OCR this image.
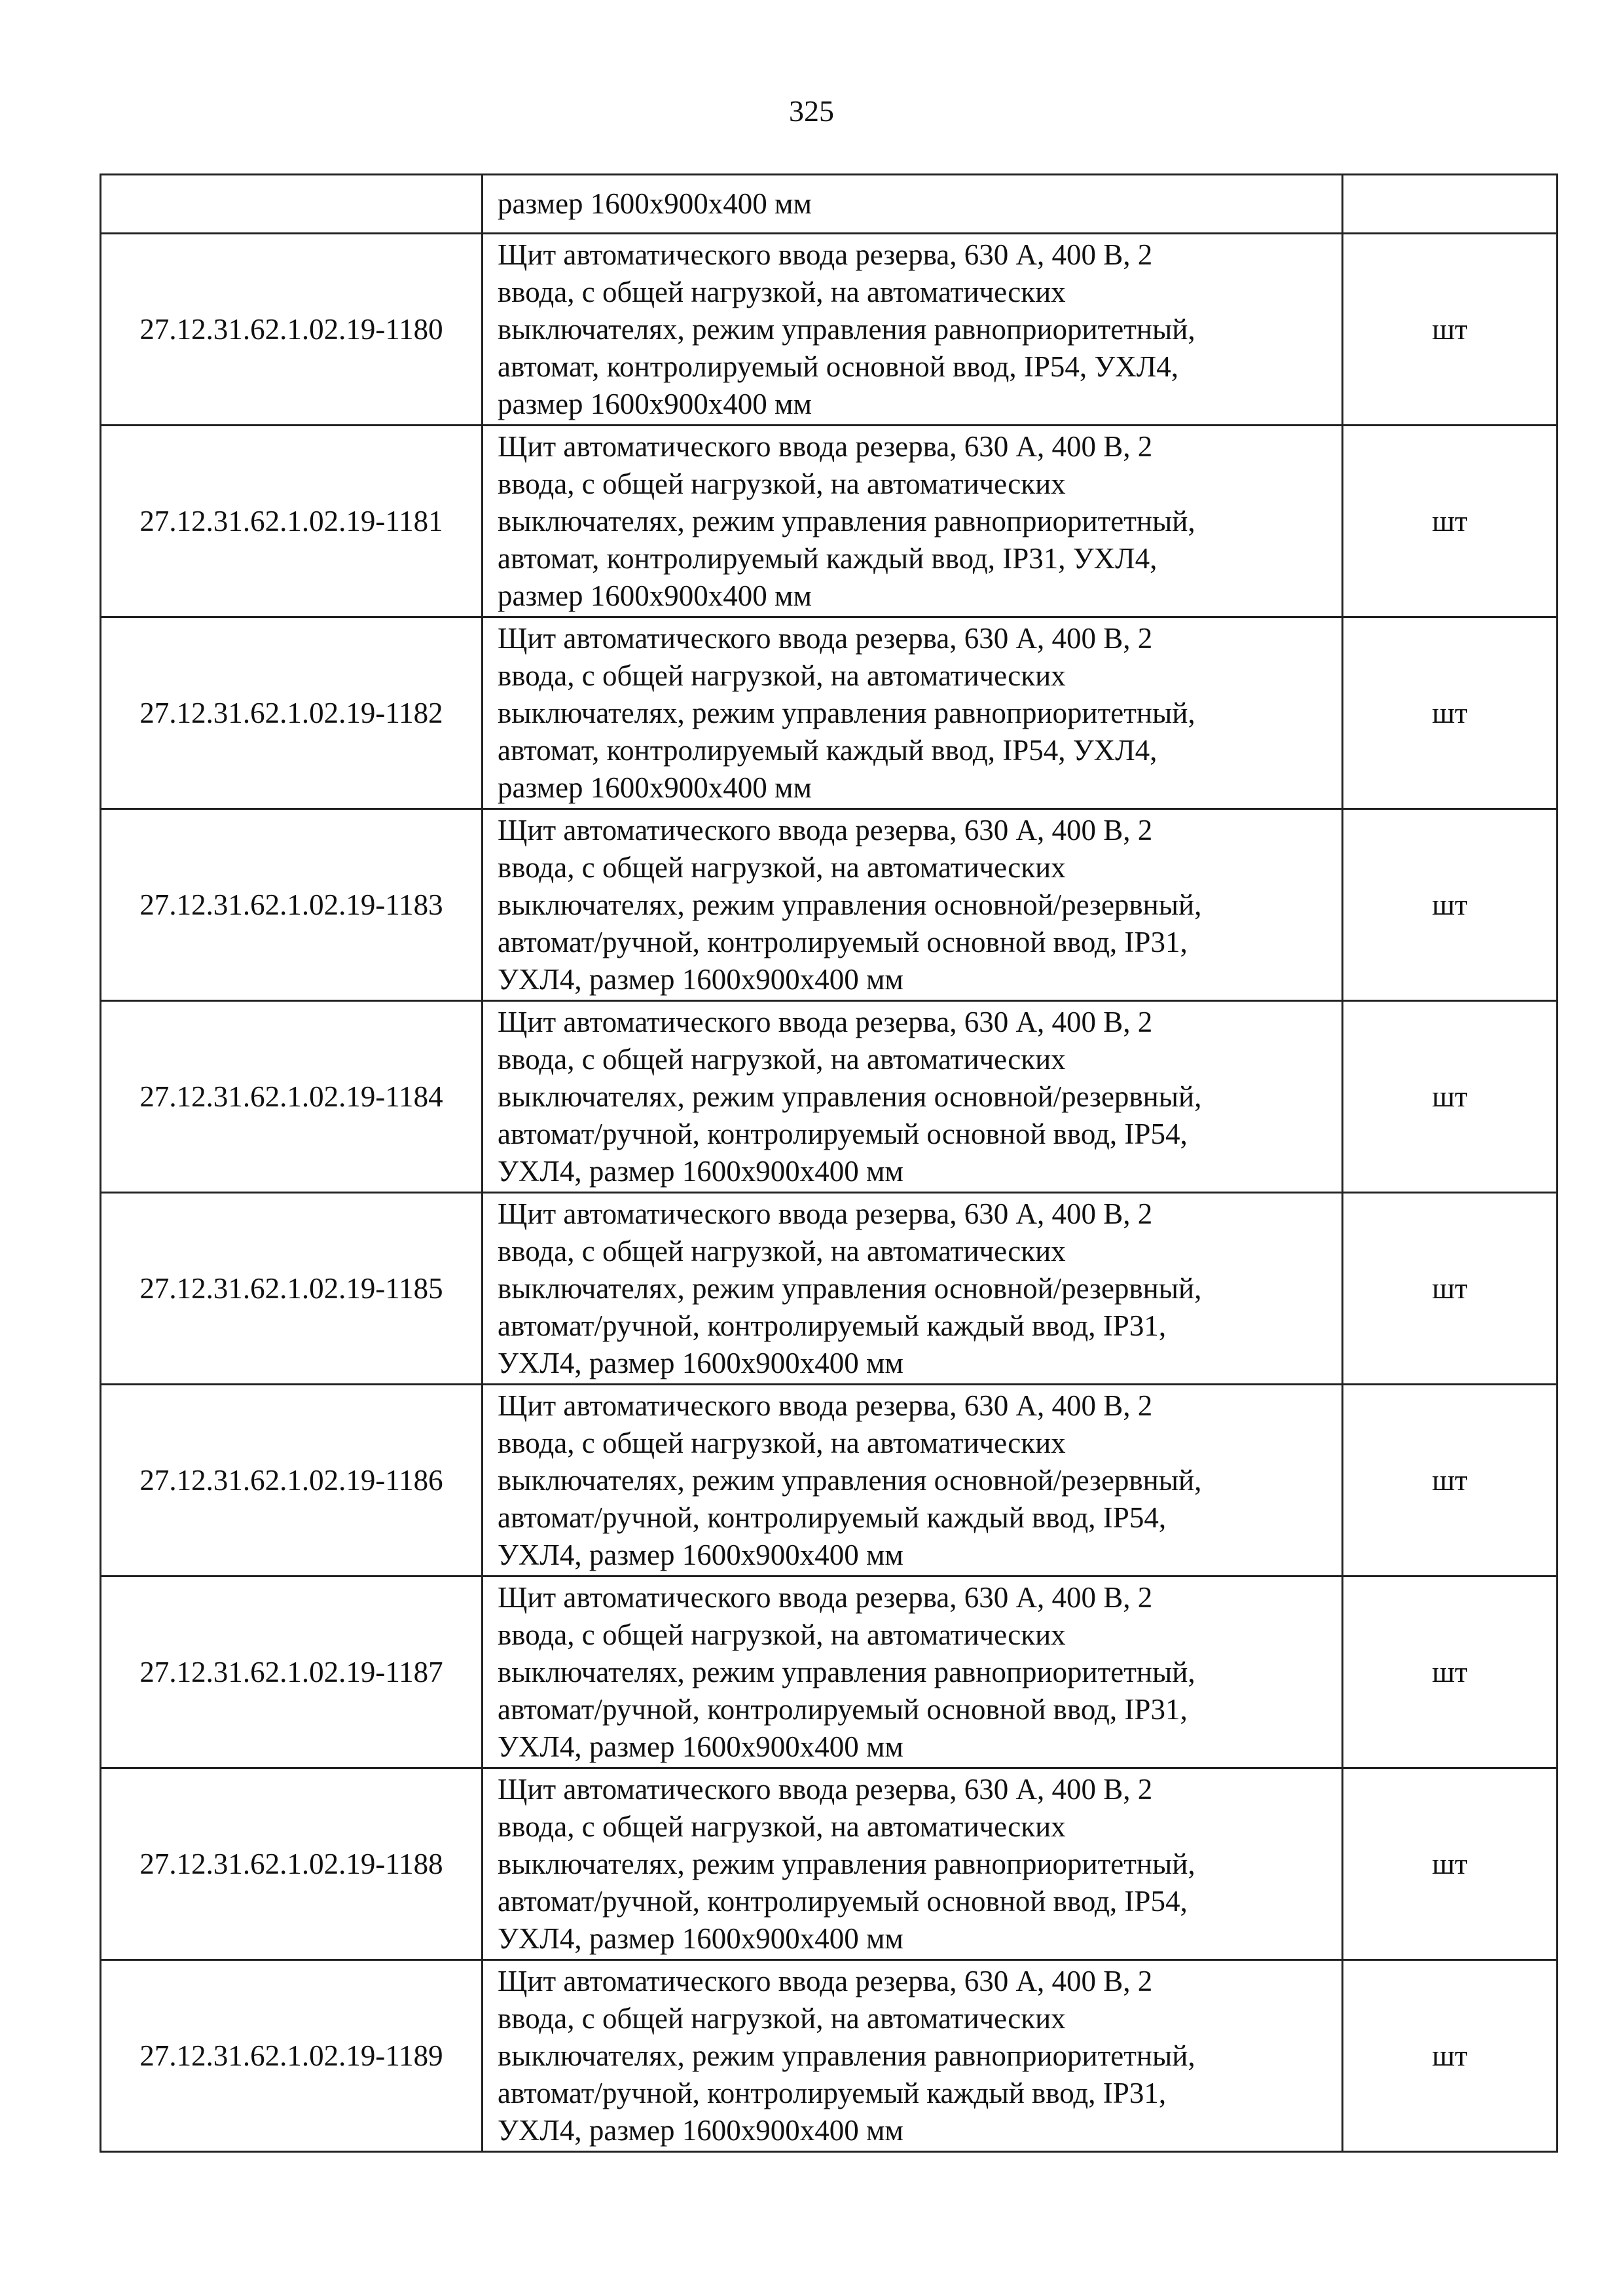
325

	размер 1600x900x400 мм	

27.12.31.62.1.02.19-1180	Щит автоматического ввода резерва, 630 А, 400 В, 2
ввода, с общей нагрузкой, на автоматических
выключателях, режим управления равноприоритетный,
автомат, контролируемый основной ввод, IP54, УХЛ4,
размер 1600x900x400 мм	шт
27.12.31.62.1.02.19-1181	Щит автоматического ввода резерва, 630 А, 400 В, 2
ввода, с общей нагрузкой, на автоматических
выключателях, режим управления равноприоритетный,
автомат, контролируемый каждый ввод, IP31, УХЛ4,
размер 1600x900x400 мм	шт
27.12.31.62.1.02.19-1182	Щит автоматического ввода резерва, 630 А, 400 В, 2
ввода, с общей нагрузкой, на автоматических
выключателях, режим управления равноприоритетный,
автомат, контролируемый каждый ввод, IP54, УХЛ4,
размер 1600x900x400 мм	шт
27.12.31.62.1.02.19-1183	Щит автоматического ввода резерва, 630 А, 400 В, 2
ввода, с общей нагрузкой, на автоматических
выключателях, режим управления основной/резервный,
автомат/ручной, контролируемый основной ввод, IP31,
УХЛ4, размер 1600x900x400 мм	шт
27.12.31.62.1.02.19-1184	Щит автоматического ввода резерва, 630 А, 400 В, 2
ввода, с общей нагрузкой, на автоматических
выключателях, режим управления основной/резервный,
автомат/ручной, контролируемый основной ввод, IP54,
УХЛ4, размер 1600x900x400 мм	шт
27.12.31.62.1.02.19-1185	Щит автоматического ввода резерва, 630 А, 400 В, 2
ввода, с общей нагрузкой, на автоматических
выключателях, режим управления основной/резервный,
автомат/ручной, контролируемый каждый ввод, IP31,
УХЛ4, размер 1600x900x400 мм	шт
27.12.31.62.1.02.19-1186	Щит автоматического ввода резерва, 630 А, 400 В, 2
ввода, с общей нагрузкой, на автоматических
выключателях, режим управления основной/резервный,
автомат/ручной, контролируемый каждый ввод, IP54,
УХЛ4, размер 1600x900x400 мм	шт
27.12.31.62.1.02.19-1187	Щит автоматического ввода резерва, 630 А, 400 В, 2
ввода, с общей нагрузкой, на автоматических
выключателях, режим управления равноприоритетный,
автомат/ручной, контролируемый основной ввод, IP31,
УХЛ4, размер 1600x900x400 мм	шт
27.12.31.62.1.02.19-1188	Щит автоматического ввода резерва, 630 А, 400 В, 2
ввода, с общей нагрузкой, на автоматических
выключателях, режим управления равноприоритетный,
автомат/ручной, контролируемый основной ввод, IP54,
УХЛ4, размер 1600x900x400 мм	шт
27.12.31.62.1.02.19-1189	Щит автоматического ввода резерва, 630 А, 400 В, 2
ввода, с общей нагрузкой, на автоматических
выключателях, режим управления равноприоритетный,
автомат/ручной, контролируемый каждый ввод, IP31,
УХЛ4, размер 1600x900x400 мм	шт
